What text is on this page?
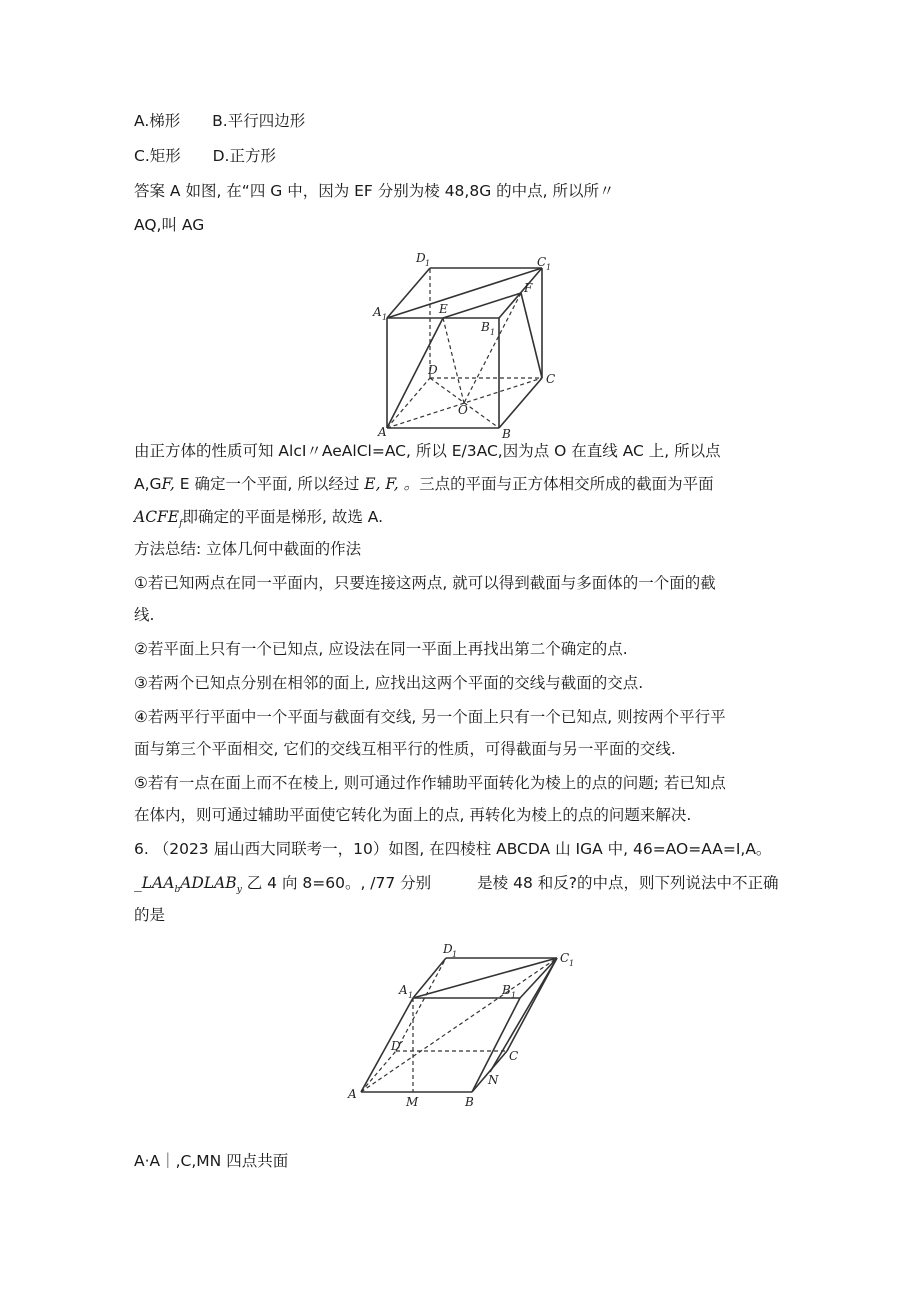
A.梯形 B.平行四边形
C.矩形 D.正方形
答案 A 如图, 在“四 G 中，因为 EF 分别为棱 48,8G 的中点, 所以所〃
AQ,叫 AG
A	B
C
D
A 1
B 1
C 1
D 1
E
F
O
由正方体的性质可知 AlcI〃AeAlCl=AC, 所以 E∕3AC,因为点 O 在直线 AC 上, 所以点
A,GF, E 确定一个平面, 所以经过 E, F, 。三点的平面与正方体相交所成的截面为平面
$ACFE_f$即确定的平面是梯形, 故选 A.
方法总结: 立体几何中截面的作法
①若已知两点在同一平面内，只要连接这两点, 就可以得到截面与多面体的一个面的截
线.
②若平面上只有一个已知点, 应设法在同一平面上再找出第二个确定的点.
③若两个已知点分别在相邻的面上, 应找出这两个平面的交线与截面的交点.
④若两平行平面中一个平面与截面有交线, 另一个面上只有一个已知点, 则按两个平行平
面与第三个平面相交, 它们的交线互相平行的性质，可得截面与另一平面的交线.
⑤若有一点在面上而不在棱上, 则可通过作作辅助平面转化为棱上的点的问题; 若已知点
在体内，则可通过辅助平面使它转化为面上的点, 再转化为棱上的点的问题来解决.
6. （2023 届山西大同联考一，10）如图, 在四棱柱 ABCDA 山 IGA 中, 46=AO=AA=I,A。
$\_LAA_bADLAB_y$ 乙 4 向 8=60。, /77 分别	是棱 48 和反?的中点，则下列说法中不正确
的是
A
M	B
N
C
D′
A 1	B 1
C 1
D 1
A·A｜,C,MN 四点共面
